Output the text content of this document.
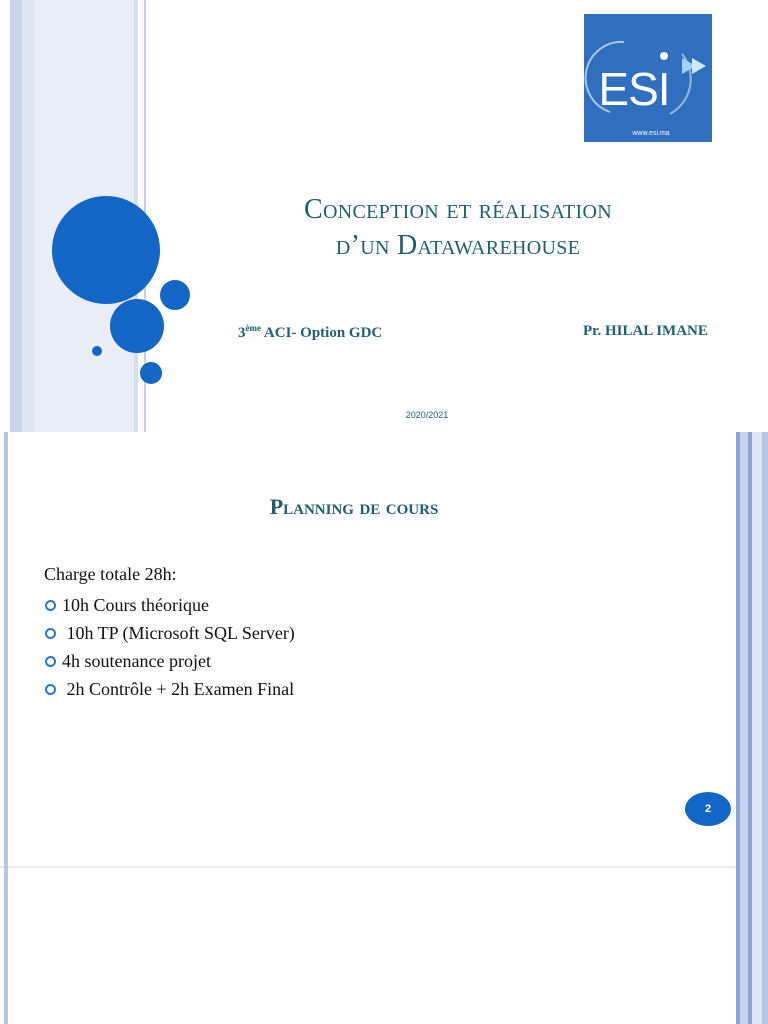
ESI
www.esi.ma
Conception et réalisation
d’un Datawarehouse
3ème ACI- Option GDC	Pr. HILAL IMANE
2020/2021
Planning de cours
Charge totale 28h:
10h Cours théorique
10h TP (Microsoft SQL Server)
4h soutenance projet
2h Contrôle + 2h Examen Final
2
